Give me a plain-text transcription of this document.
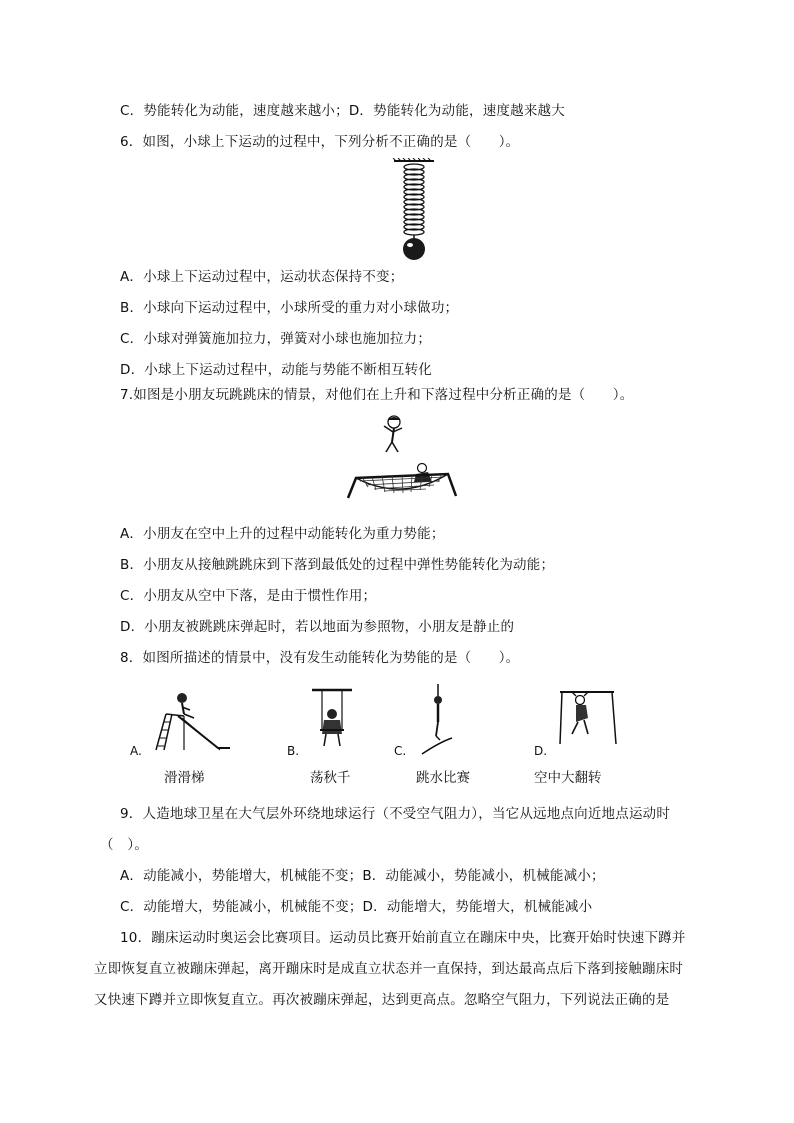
C．势能转化为动能，速度越来越小；D．势能转化为动能，速度越来越大
6．如图，小球上下运动的过程中，下列分析不正确的是（　　）。
A．小球上下运动过程中，运动状态保持不变；
B．小球向下运动过程中，小球所受的重力对小球做功；
C．小球对弹簧施加拉力，弹簧对小球也施加拉力；
D．小球上下运动过程中，动能与势能不断相互转化
7.如图是小朋友玩跳跳床的情景，对他们在上升和下落过程中分析正确的是（　　）。
A．小朋友在空中上升的过程中动能转化为重力势能；
B．小朋友从接触跳跳床到下落到最低处的过程中弹性势能转化为动能；
C．小朋友从空中下落，是由于惯性作用；
D．小朋友被跳跳床弹起时，若以地面为参照物，小朋友是静止的
8．如图所描述的情景中，没有发生动能转化为势能的是（　　）。
A.
滑滑梯
B.
荡秋千
C.
跳水比赛
D.
空中大翻转
9．人造地球卫星在大气层外环绕地球运行（不受空气阻力），当它从远地点向近地点运动时
（　）。
A．动能减小，势能增大，机械能不变；B．动能减小，势能减小，机械能减小；
C．动能增大，势能减小，机械能不变；D．动能增大，势能增大，机械能减小
10．蹦床运动时奥运会比赛项目。运动员比赛开始前直立在蹦床中央，比赛开始时快速下蹲并
立即恢复直立被蹦床弹起，离开蹦床时是成直立状态并一直保持，到达最高点后下落到接触蹦床时
又快速下蹲并立即恢复直立。再次被蹦床弹起，达到更高点。忽略空气阻力，下列说法正确的是
